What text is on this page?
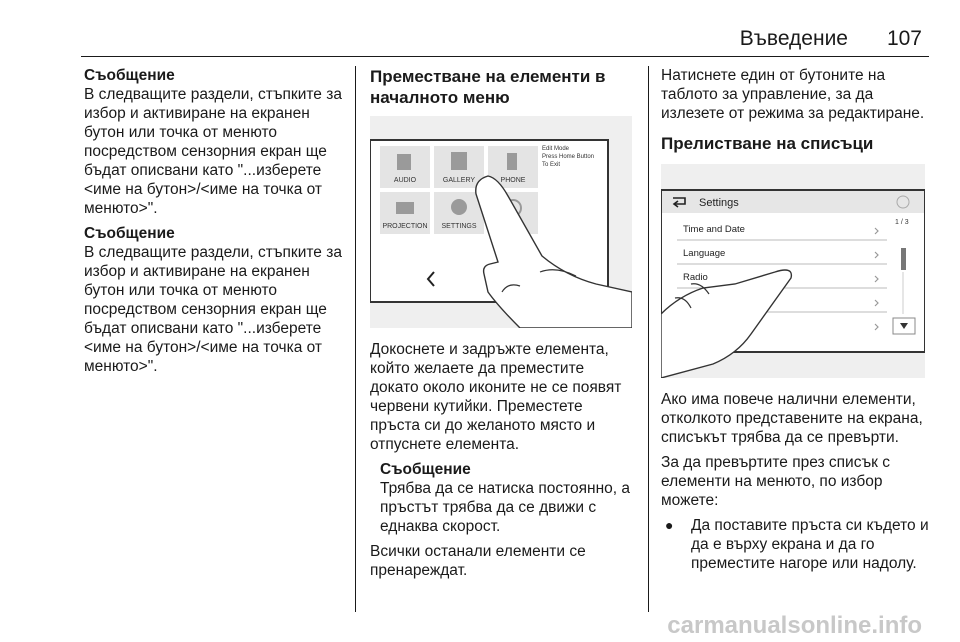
Въведение 107
Съобщение
В следващите раздели, стъпките за избор и активиране на екранен бутон или точка от менюто посредством сензорния екран ще бъдат описвани като "...изберете <име на бутон>/<име на точка от менюто>".
Съобщение
В следващите раздели, стъпките за избор и активиране на екранен бутон или точка от менюто посредством сензорния екран ще бъдат описвани като "...изберете <име на бутон>/<име на точка от менюто>".
Преместване на елементи в началното меню
AUDIO	GALLERY	PHONE
PROJECTION SETTINGS
Edit Mode
Press Home Button
To Exit
Докоснете и задръжте елемента, който желаете да преместите докато около иконите не се появят червени кутийки. Преместете пръста си до желаното място и отпуснете елемента.
Съобщение
Трябва да се натиска постоянно, а пръстът трябва да се движи с еднаква скорост.
Всички останали елементи се пренареждат.
Натиснете един от бутоните на таблото за управление, за да излезете от режима за редактиране.
Прелистване на списъци
Settings
Time and Date
Language
Radio
1 / 3
Ако има повече налични елементи, отколкото представените на екрана, списъкът трябва да се превърти.
За да превъртите през списък с елементи на менюто, по избор можете:
●	Да поставите пръста си където и да е върху екрана и да го преместите нагоре или надолу.
carmanualsonline.info
